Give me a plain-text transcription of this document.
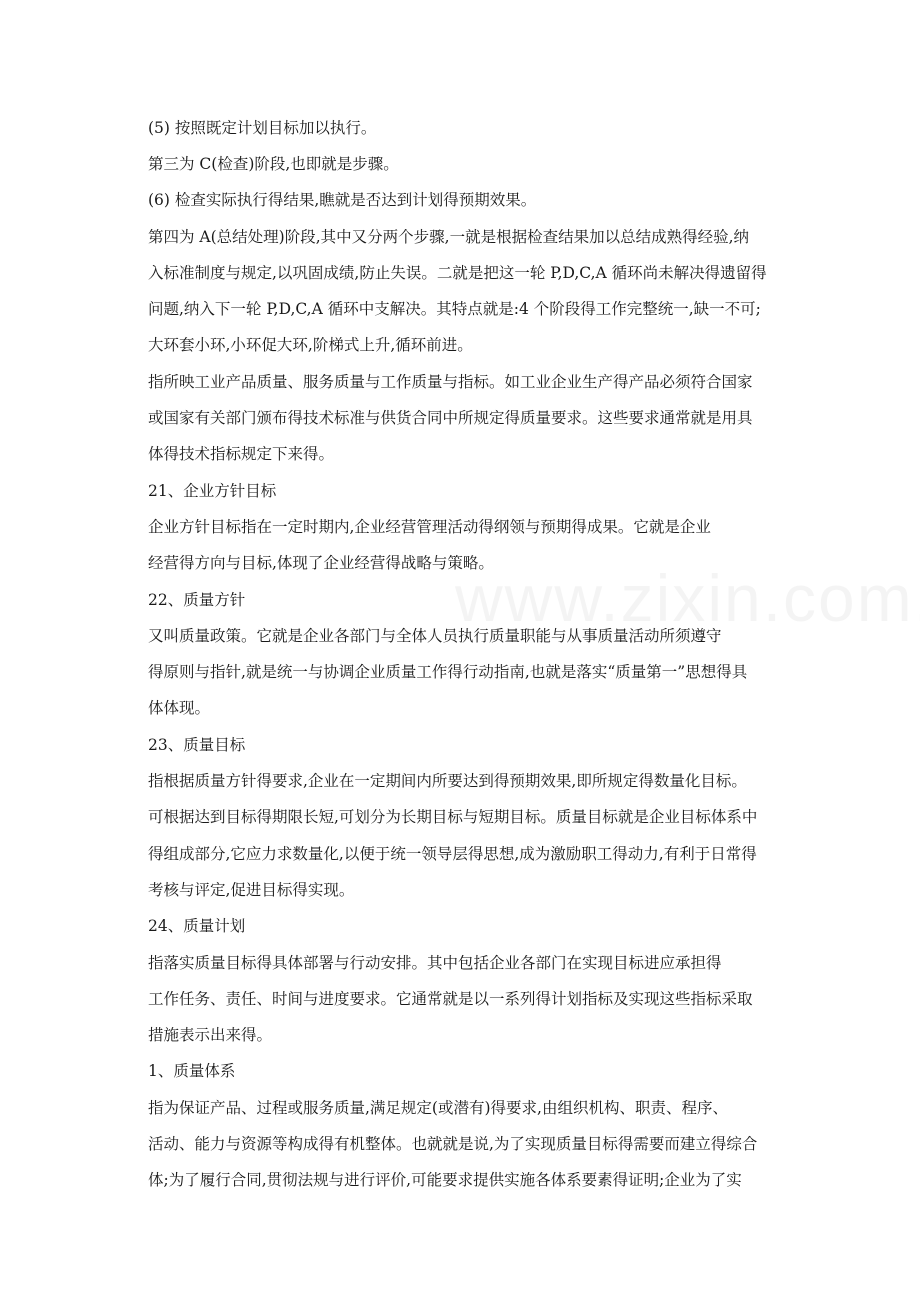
(5) 按照既定计划目标加以执行。

第三为 C(检查)阶段,也即就是步骤。

(6) 检查实际执行得结果,瞧就是否达到计划得预期效果。

第四为 A(总结处理)阶段,其中又分两个步骤,一就是根据检查结果加以总结成熟得经验,纳

入标准制度与规定,以巩固成绩,防止失误。二就是把这一轮 P,D,C,A 循环尚未解决得遗留得

问题,纳入下一轮 P,D,C,A 循环中支解决。其特点就是:4 个阶段得工作完整统一,缺一不可;

大环套小环,小环促大环,阶梯式上升,循环前进。

指所映工业产品质量、服务质量与工作质量与指标。如工业企业生产得产品必须符合国家

或国家有关部门颁布得技术标准与供货合同中所规定得质量要求。这些要求通常就是用具

体得技术指标规定下来得。

21、企业方针目标

企业方针目标指在一定时期内,企业经营管理活动得纲领与预期得成果。它就是企业

经营得方向与目标,体现了企业经营得战略与策略。

22、质量方针

又叫质量政策。它就是企业各部门与全体人员执行质量职能与从事质量活动所须遵守

得原则与指针,就是统一与协调企业质量工作得行动指南,也就是落实“质量第一”思想得具

体体现。

23、质量目标

指根据质量方针得要求,企业在一定期间内所要达到得预期效果,即所规定得数量化目标。

可根据达到目标得期限长短,可划分为长期目标与短期目标。质量目标就是企业目标体系中

得组成部分,它应力求数量化,以便于统一领导层得思想,成为激励职工得动力,有利于日常得

考核与评定,促进目标得实现。

24、质量计划

指落实质量目标得具体部署与行动安排。其中包括企业各部门在实现目标进应承担得

工作任务、责任、时间与进度要求。它通常就是以一系列得计划指标及实现这些指标采取

措施表示出来得。

1、质量体系

指为保证产品、过程或服务质量,满足规定(或潜有)得要求,由组织机构、职责、程序、

活动、能力与资源等构成得有机整体。也就就是说,为了实现质量目标得需要而建立得综合

体;为了履行合同,贯彻法规与进行评价,可能要求提供实施各体系要素得证明;企业为了实
